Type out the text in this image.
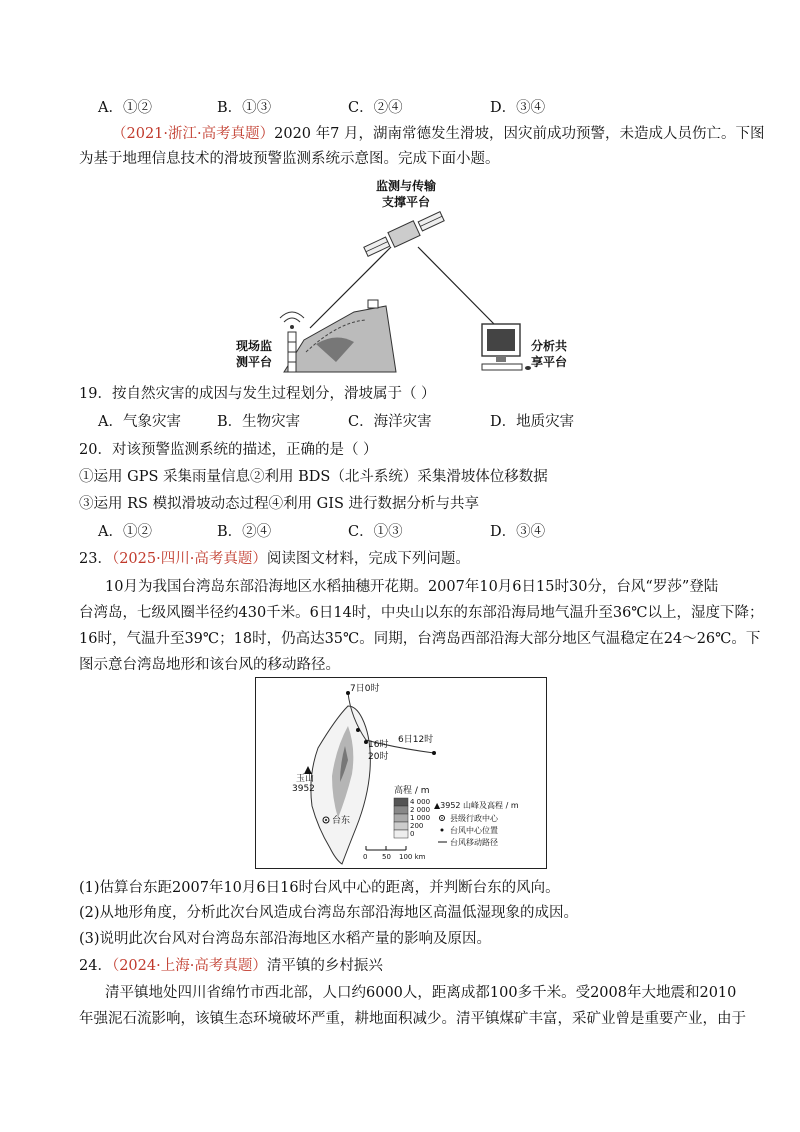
A．①②	B．①③	C．②④	D．③④
（2021·浙江·高考真题）2020 年7 月，湖南常德发生滑坡，因灾前成功预警，未造成人员伤亡。下图
为基于地理信息技术的滑坡预警监测系统示意图。完成下面小题。
监测与传输
支撑平台
现场监
测平台
分析共
享平台
19．按自然灾害的成因与发生过程划分，滑坡属于（ ）
A．气象灾害 B．生物灾害	C．海洋灾害	D．地质灾害
20．对该预警监测系统的描述，正确的是（ ）
①运用 GPS 采集雨量信息②利用 BDS（北斗系统）采集滑坡体位移数据
③运用 RS 模拟滑坡动态过程④利用 GIS 进行数据分析与共享
A．①②	B．②④	C．①③	D．③④
23．（2025·四川·高考真题）阅读图文材料，完成下列问题。
10月为我国台湾岛东部沿海地区水稻抽穗开花期。2007年10月6日15时30分，台风“罗莎”登陆
台湾岛，七级风圈半径约430千米。6日14时，中央山以东的东部沿海局地气温升至36℃以上，湿度下降；
16时，气温升至39℃；18时，仍高达35℃。同期，台湾岛西部沿海大部分地区气温稳定在24～26℃。下
图示意台湾岛地形和该台风的移动路径。
7日0时
6日12时
16时
20时
玉山
3952
台东
高程 / m
4 000
2 000
1 000
200
0
0 50 100 km
▲3952 山峰及高程 / m
县级行政中心
台风中心位置
台风移动路径
(1)估算台东距2007年10月6日16时台风中心的距离，并判断台东的风向。
(2)从地形角度，分析此次台风造成台湾岛东部沿海地区高温低湿现象的成因。
(3)说明此次台风对台湾岛东部沿海地区水稻产量的影响及原因。
24．（2024·上海·高考真题）清平镇的乡村振兴
清平镇地处四川省绵竹市西北部，人口约6000人，距离成都100多千米。受2008年大地震和2010
年强泥石流影响，该镇生态环境破坏严重，耕地面积减少。清平镇煤矿丰富，采矿业曾是重要产业，由于
